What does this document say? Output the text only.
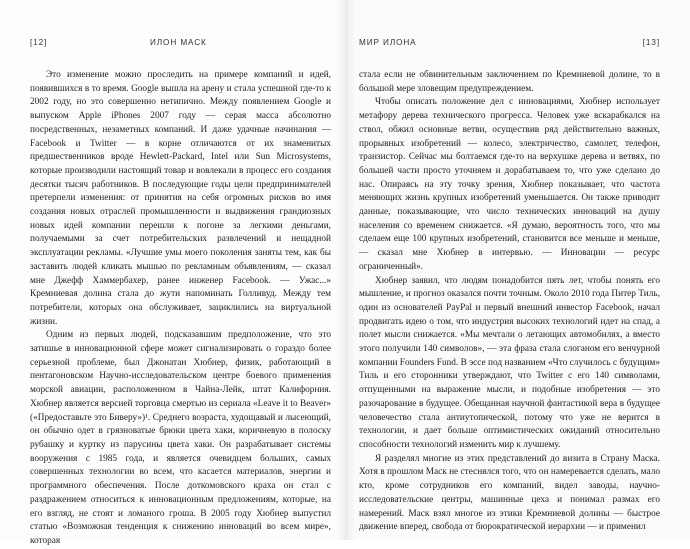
[12]	ИЛОН МАСК

Это изменение можно проследить на примере компаний и идей, появившихся в то время. Google вышла на арену и стала успешной где-то к 2002 году, но это совершенно нетипично. Между появлением Google и выпуском Apple iPhones 2007 году — серая масса абсолютно посредственных, незаметных компаний. И даже удачные начинания — Facebook и Twitter — в корне отличаются от их знаменитых предшественников вроде Hewlett-Packard, Intel или Sun Microsystems, которые производили настоящий товар и вовлекали в процесс его создания десятки тысяч работников. В последующие годы цели предпринимателей претерпели изменения: от принятия на себя огромных рисков во имя создания новых отраслей промышленности и выдвижения грандиозных новых идей компании перешли к погоне за легкими деньгами, получаемыми за счет потребительских развлечений и нещадной эксплуатации рекламы. «Лучшие умы моего поколения заняты тем, как бы заставить людей кликать мышью по рекламным объявлениям, — сказал мне Джефф Хаммербахер, ранее инженер Facebook. — Ужас...» Кремниевая долина стала до жути напоминать Голливуд. Между тем потребители, которых она обслуживает, зациклились на виртуальной жизни.

Одним из первых людей, подсказавшим предположение, что это затишье в инновационной сфере может сигнализировать о гораздо более серьезной проблеме, был Джонатан Хюбнер, физик, работающий в пентагоновском Научно-исследовательском центре боевого применения морской авиации, расположенном в Чайна-Лейк, штат Калифорния. Хюбнер является версией торговца смертью из сериала «Leave it to Beaver» («Предоставьте это Биверу»)¹. Среднего возраста, худощавый и лысеющий, он обычно одет в грязноватые брюки цвета хаки, коричневую в полоску рубашку и куртку из парусины цвета хаки. Он разрабатывает системы вооружения с 1985 года, и является очевидцем больших, самых совершенных технологии во всем, что касается материалов, энергии и программного обеспечения. После доткомовского краха он стал с раздражением относиться к инновационным предложениям, которые, на его взгляд, не стоят и ломаного гроша. В 2005 году Хюбнер выпустил статью «Возможная тенденция к снижению инноваций во всем мире», которая

МИР ИЛОНА	[13]

стала если не обвинительным заключением по Кремниевой долине, то в большой мере зловещим предупреждением.

Чтобы описать положение дел с инновациями, Хюбнер использует метафору дерева технического прогресса. Человек уже вскарабкался на ствол, обжил основные ветви, осуществив ряд действительно важных, прорывных изобретений — колесо, электричество, самолет, телефон, транзистор. Сейчас мы болтаемся где-то на верхушке дерева и ветвях, по большей части просто уточняем и дорабатываем то, что уже сделано до нас. Опираясь на эту точку зрения, Хюбнер показывает, что частота меняющих жизнь крупных изобретений уменьшается. Он также приводит данные, показывающие, что число технических инноваций на душу населения со временем снижается. «Я думаю, вероятность того, что мы сделаем еще 100 крупных изобретений, становится все меньше и меньше, — сказал мне Хюбнер в интервью. — Инновации — ресурс ограниченный».

Хюбнер заявил, что людям понадобится пять лет, чтобы понять его мышление, и прогноз оказался почти точным. Около 2010 года Питер Тиль, один из основателей PayPal и первый внешний инвестор Facebook, начал продвигать идею о том, что индустрия высоких технологий идет на спад, а полет мысли снижается. «Мы мечтали о летающих автомобилях, а вместо этого получили 140 символов», — эта фраза стала слоганом его венчурной компании Founders Fund. В эссе под названием «Что случилось с будущим» Тиль и его сторонники утверждают, что Twitter с его 140 символами, отпущенными на выражение мысли, и подобные изобретения — это разочарование в будущее. Обещанная научной фантастикой вера в будущее человечество стала антиутопической, потому что уже не верится в технологии, и дает больше оптимистических ожиданий относительно способности технологий изменить мир к лучшему.

Я разделял многие из этих представлений до визита в Страну Маска. Хотя в прошлом Маск не стеснялся того, что он намеревается сделать, мало кто, кроме сотрудников его компаний, видел заводы, научно-исследовательские центры, машинные цеха и понимал размах его намерений. Маск взял многое из этики Кремниевой долины — быстрое движение вперед, свобода от бюрократической иерархии — и применил
